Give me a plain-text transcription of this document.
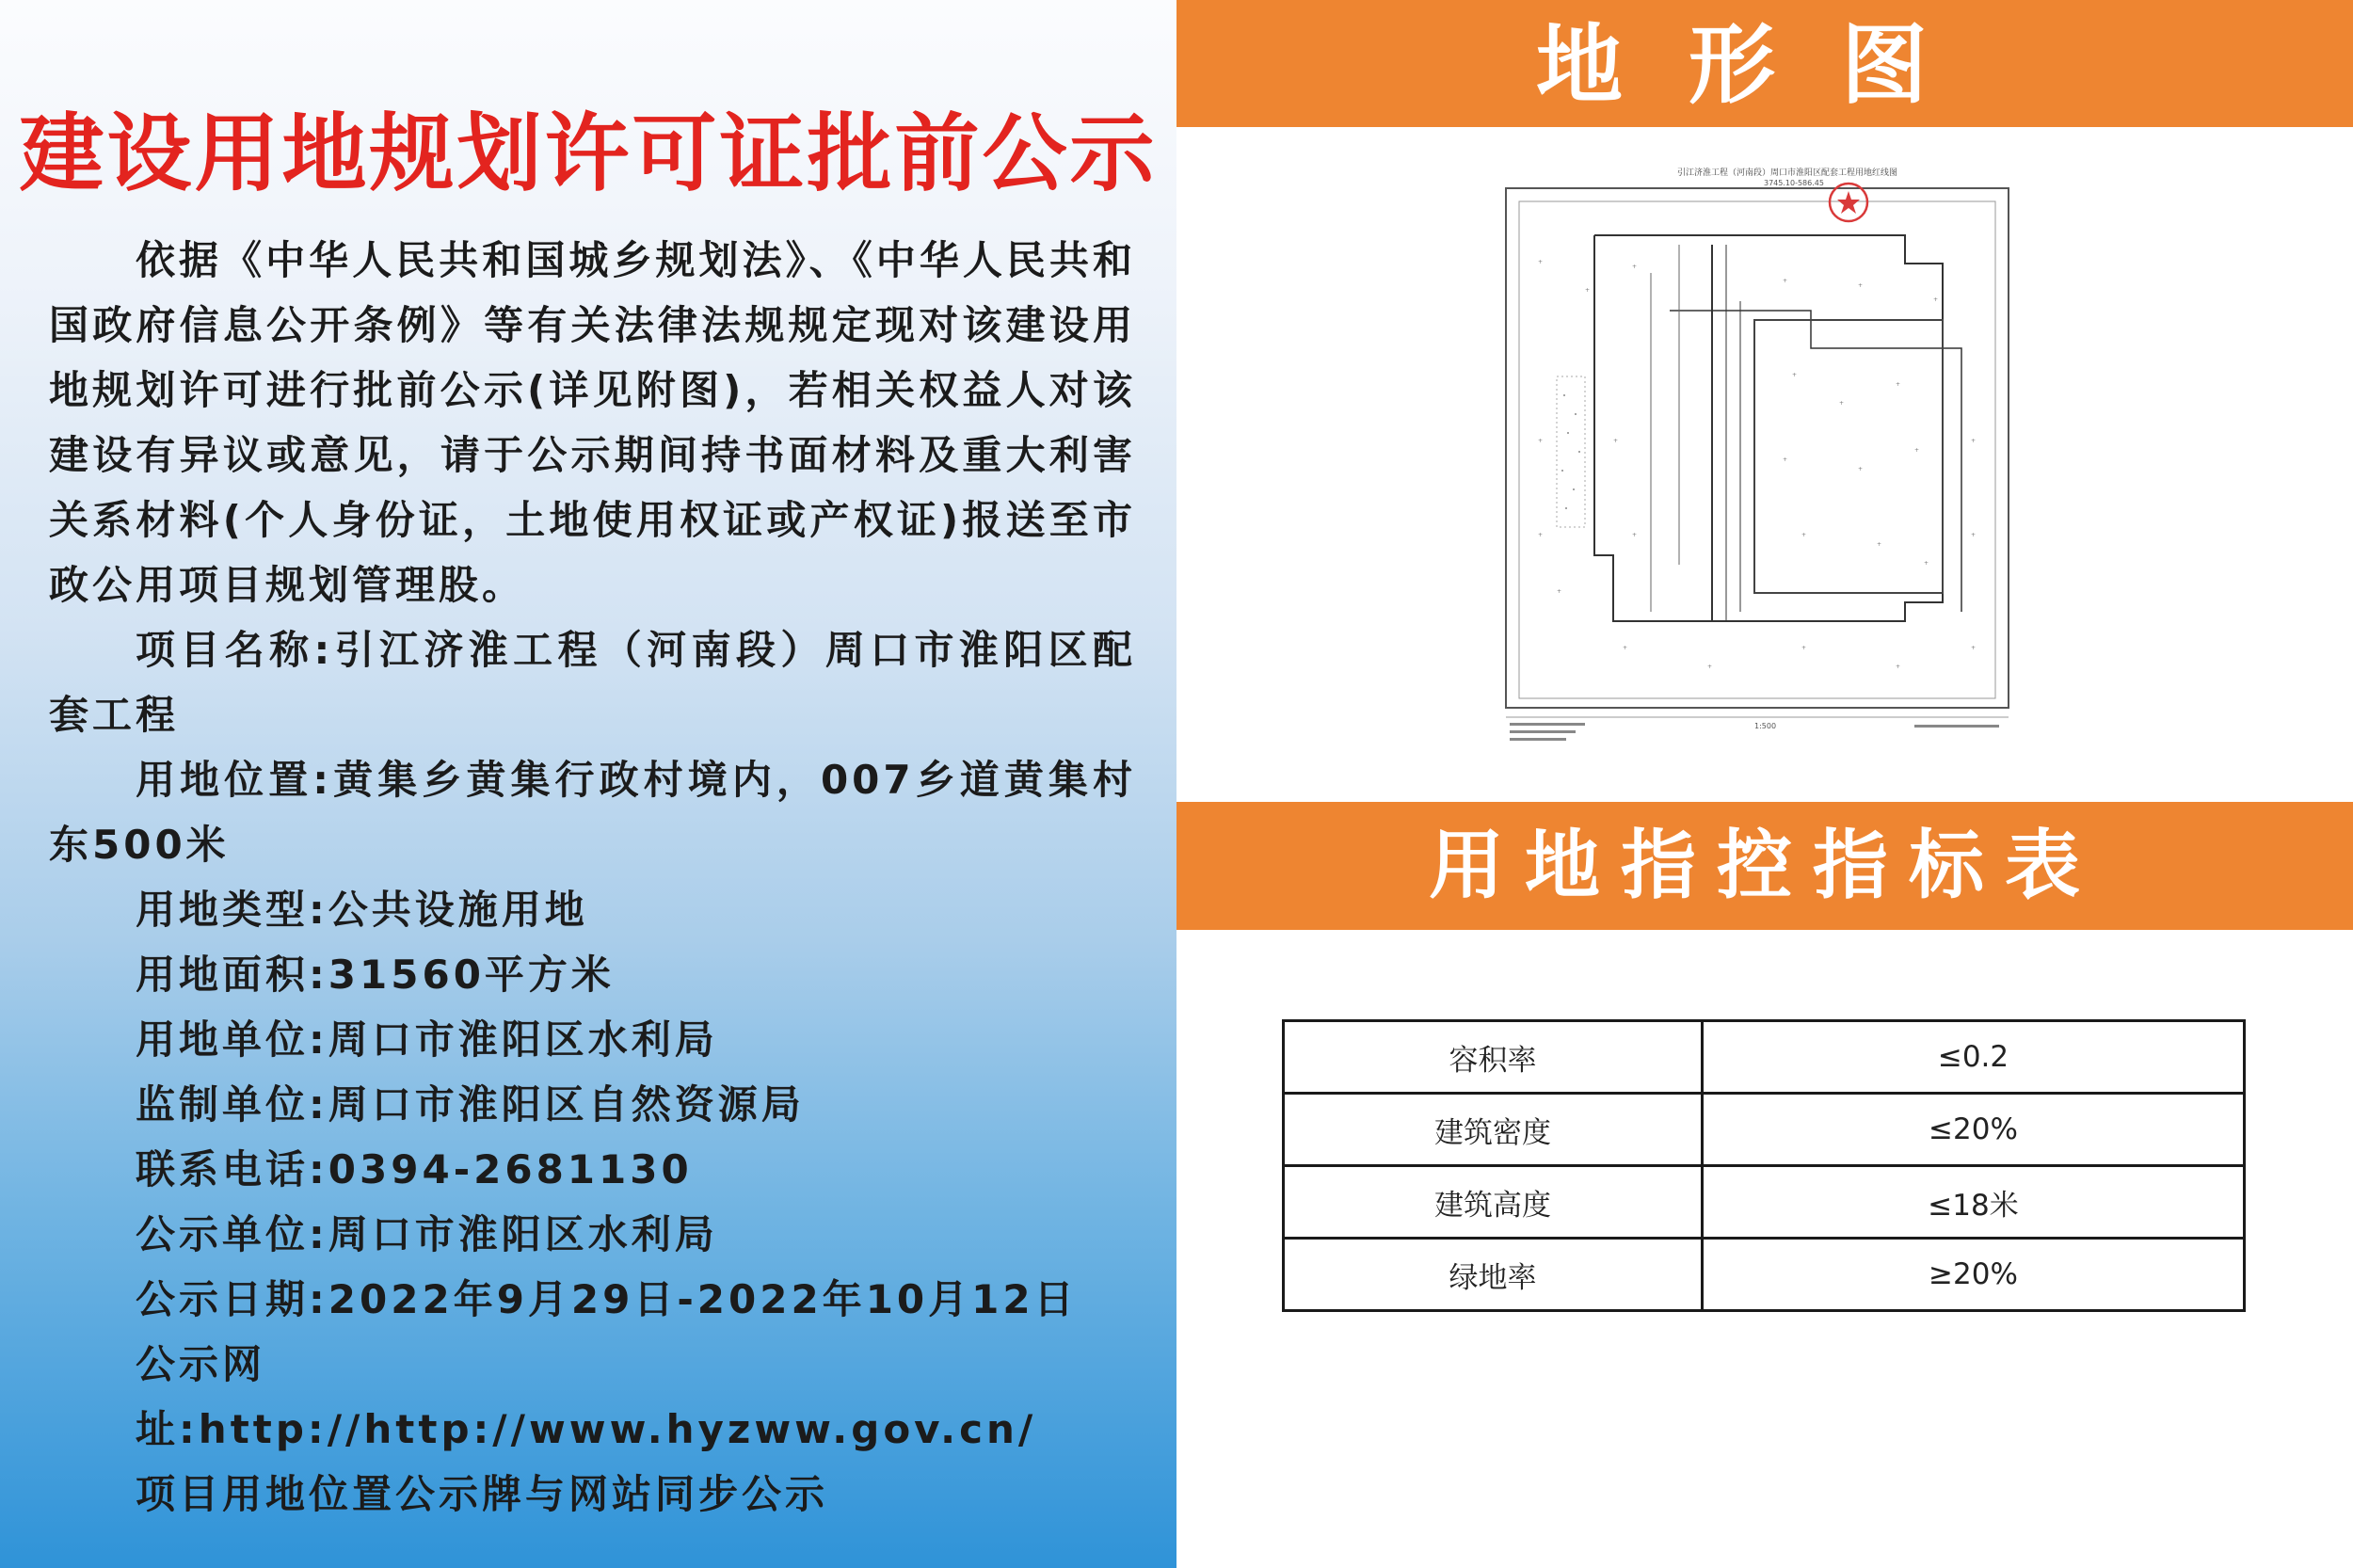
建设用地规划许可证批前公示

依据《中华人民共和国城乡规划法》、《中华人民共和国政府信息公开条例》等有关法律法规规定现对该建设用地规划许可进行批前公示(详见附图)，若相关权益人对该建设有异议或意见，请于公示期间持书面材料及重大利害关系材料(个人身份证，土地使用权证或产权证)报送至市政公用项目规划管理股。

项目名称:引江济淮工程（河南段）周口市淮阳区配套工程

用地位置:黄集乡黄集行政村境内，007乡道黄集村东500米

用地类型:公共设施用地
用地面积:31560平方米
用地单位:周口市淮阳区水利局
监制单位:周口市淮阳区自然资源局
联系电话:0394-2681130
公示单位:周口市淮阳区水利局
公示日期:2022年9月29日-2022年10月12日
公示网址:http://http://www.hyzww.gov.cn/
项目用地位置公示牌与网站同步公示
地形图
引江济淮工程（河南段）周口市淮阳区配套工程用地红线图
3745.10-586.45
+
+
+
+
+
+
+
+
+
+
+
+
+
+
+
+
+
+
+
+
+
+	+	+
+
+	+
1:500
用地指控指标表
容积率	≤0.2
建筑密度	≤20%
建筑高度	≤18米
绿地率	≥20%
